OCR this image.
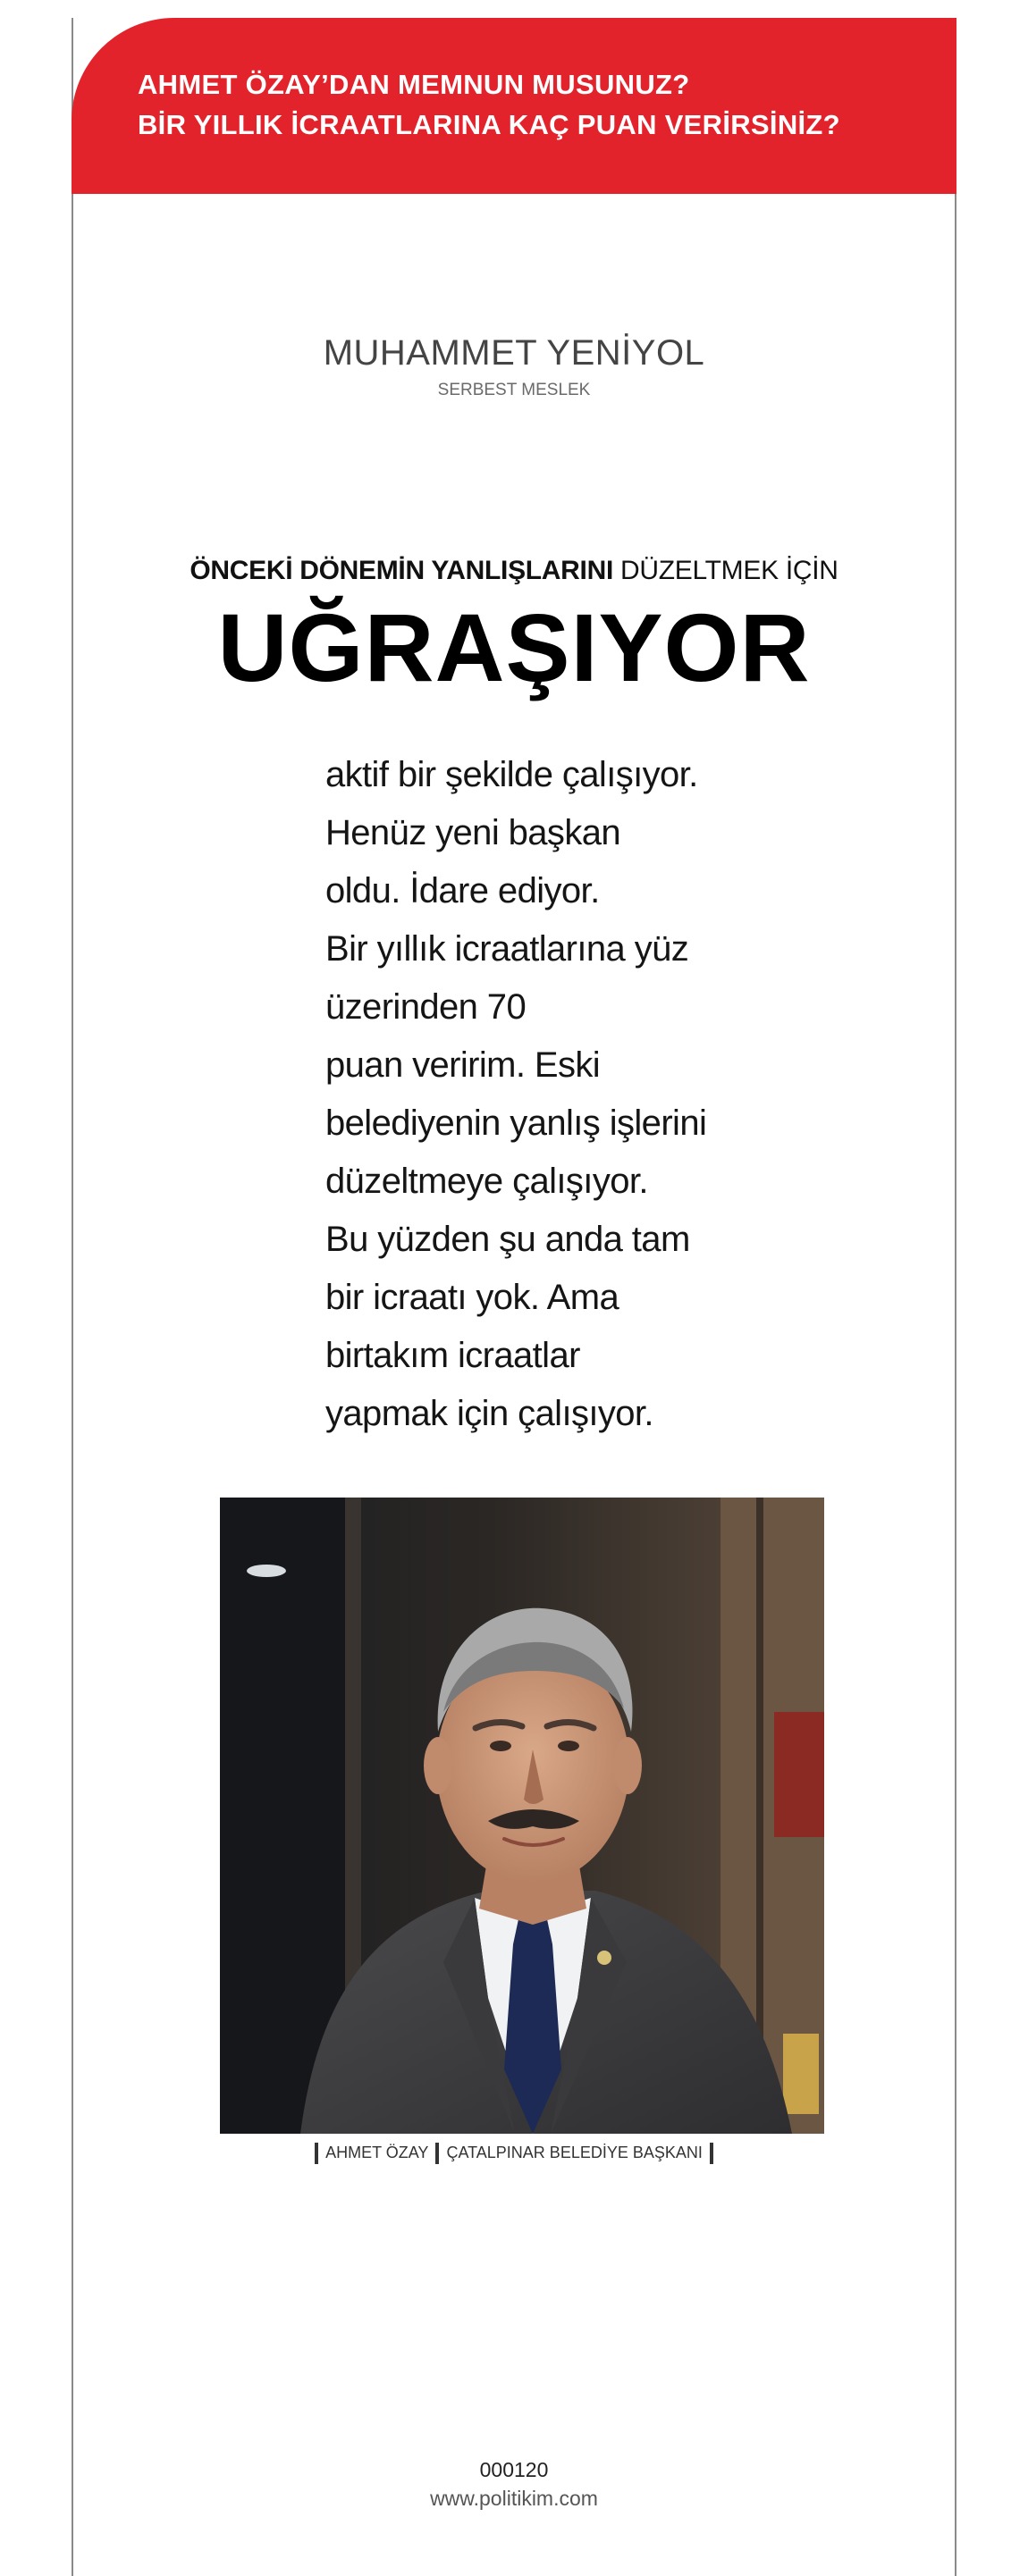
AHMET ÖZAY’DAN MEMNUN MUSUNUZ?
BİR YILLIK İCRAATLARINA KAÇ PUAN VERİRSİNİZ?
MUHAMMET YENİYOL
SERBEST MESLEK
ÖNCEKİ DÖNEMİN YANLIŞLARINI DÜZELTMEK İÇİN
UĞRAŞIYOR
aktif bir şekilde çalışıyor.
Henüz yeni başkan
oldu. İdare ediyor.
Bir yıllık icraatlarına yüz
üzerinden 70
puan veririm. Eski
belediyenin yanlış işlerini
düzeltmeye çalışıyor.
Bu yüzden şu anda tam
bir icraatı yok. Ama
birtakım icraatlar
yapmak için çalışıyor.
AHMET ÖZAY ÇATALPINAR BELEDİYE BAŞKANI
000120
www.politikim.com
